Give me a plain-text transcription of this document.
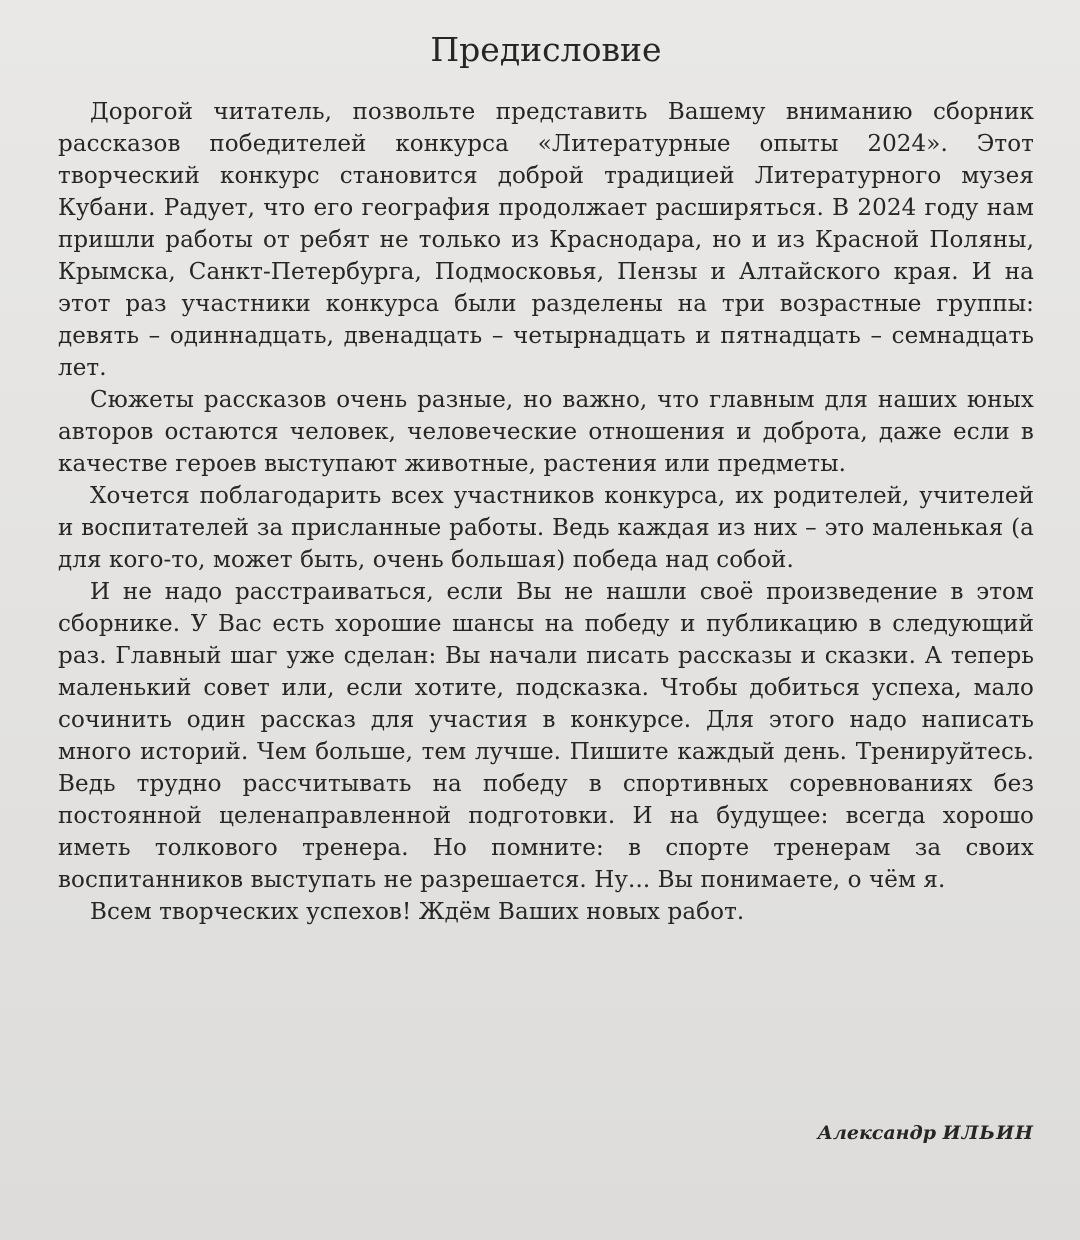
Предисловие

Дорогой читатель, позвольте представить Вашему вниманию сборник рассказов победителей конкурса «Литературные опыты 2024». Этот творческий конкурс становится доброй традицией Литературного музея Кубани. Радует, что его география продолжает расширяться. В 2024 году нам пришли работы от ребят не только из Краснодара, но и из Красной Поляны, Крымска, Санкт-Петербурга, Подмосковья, Пензы и Алтайского края. И на этот раз участники конкурса были разделены на три возрастные группы: девять – одиннадцать, двенадцать – четырнадцать и пятнадцать – семнадцать лет.

Сюжеты рассказов очень разные, но важно, что главным для наших юных авторов остаются человек, человеческие отношения и доброта, даже если в качестве героев выступают животные, растения или предметы.

Хочется поблагодарить всех участников конкурса, их родителей, учителей и воспитателей за присланные работы. Ведь каждая из них – это маленькая (а для кого-то, может быть, очень большая) победа над собой.

И не надо расстраиваться, если Вы не нашли своё произведение в этом сборнике. У Вас есть хорошие шансы на победу и публикацию в следующий раз. Главный шаг уже сделан: Вы начали писать рассказы и сказки. А теперь маленький совет или, если хотите, подсказка. Чтобы добиться успеха, мало сочинить один рассказ для участия в конкурсе. Для этого надо написать много историй. Чем больше, тем лучше. Пишите каждый день. Тренируйтесь. Ведь трудно рассчитывать на победу в спортивных соревнованиях без постоянной целенаправленной подготовки. И на будущее: всегда хорошо иметь толкового тренера. Но помните: в спорте тренерам за своих воспитанников выступать не разрешается. Ну... Вы понимаете, о чём я.

Всем творческих успехов! Ждём Ваших новых работ.

Александр ИЛЬИН
